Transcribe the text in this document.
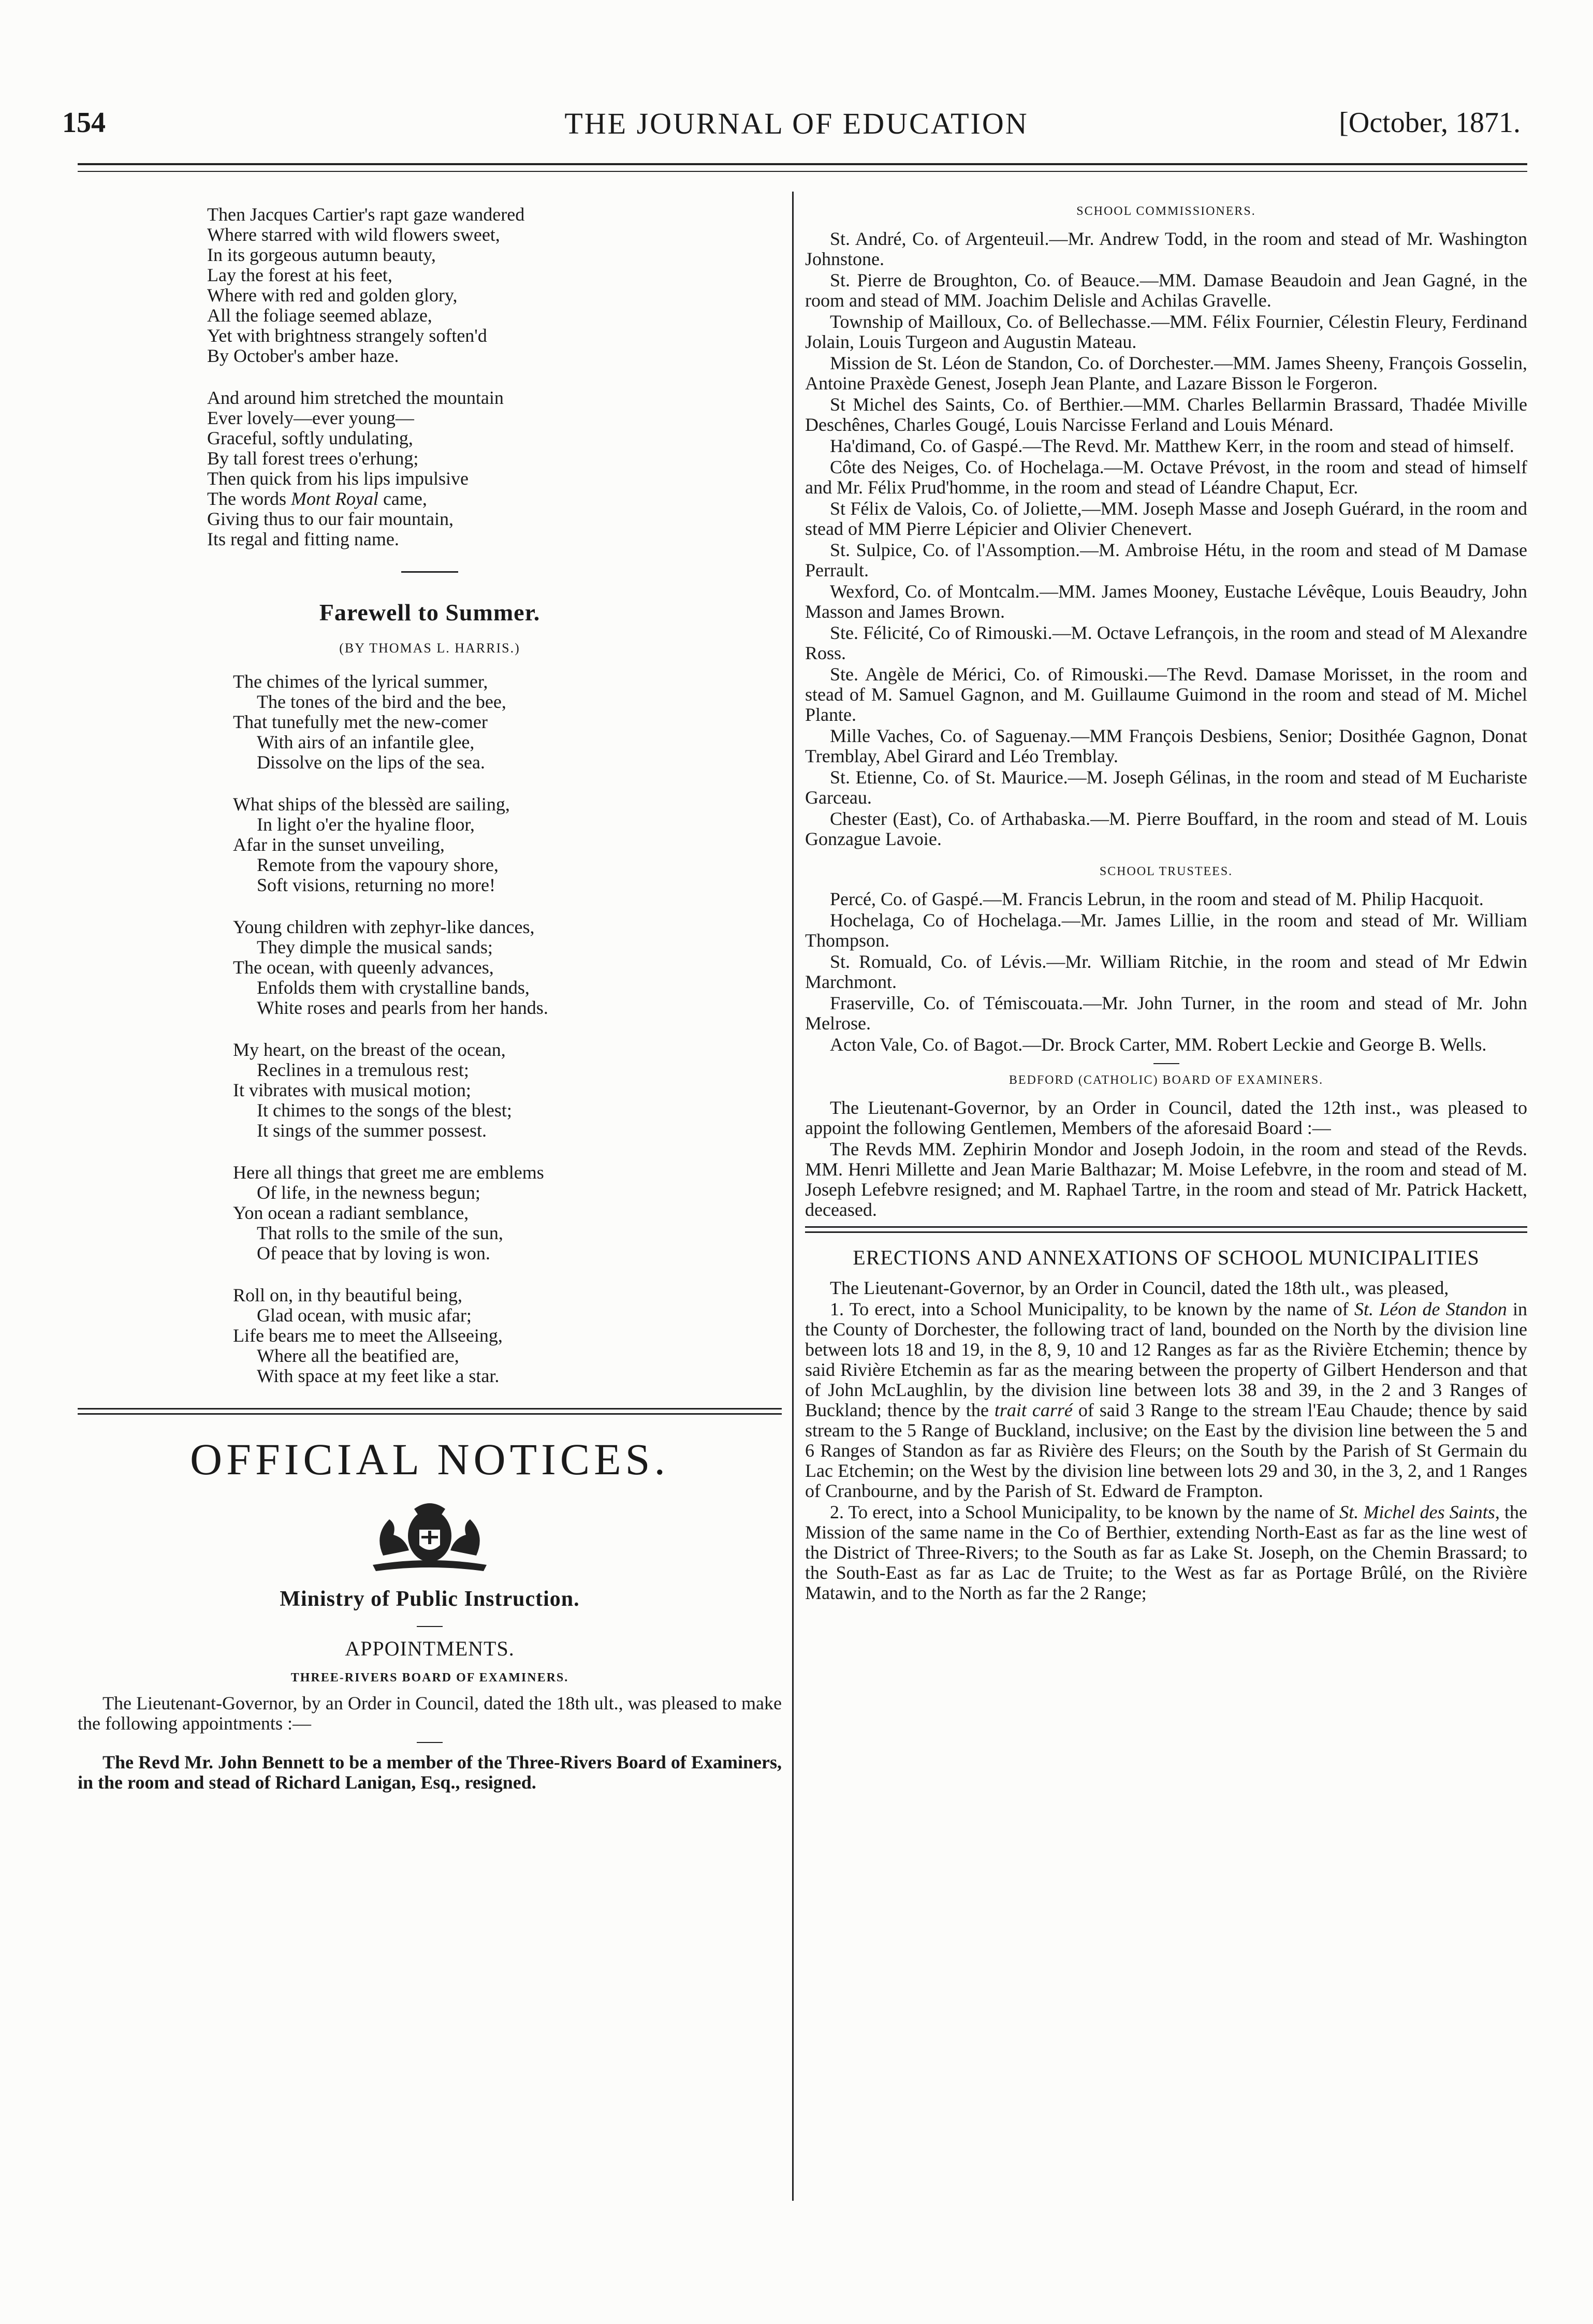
154	THE JOURNAL OF EDUCATION	[October, 1871.
Then Jacques Cartier's rapt gaze wandered
Where starred with wild flowers sweet,
In its gorgeous autumn beauty,
Lay the forest at his feet,
Where with red and golden glory,
All the foliage seemed ablaze,
Yet with brightness strangely soften'd
By October's amber haze.
And around him stretched the mountain
Ever lovely—ever young—
Graceful, softly undulating,
By tall forest trees o'erhung;
Then quick from his lips impulsive
The words Mont Royal came,
Giving thus to our fair mountain,
Its regal and fitting name.
Farewell to Summer.
(BY THOMAS L. HARRIS.)
The chimes of the lyrical summer,
The tones of the bird and the bee,
That tunefully met the new-comer
With airs of an infantile glee,
Dissolve on the lips of the sea.
What ships of the blessèd are sailing,
In light o'er the hyaline floor,
Afar in the sunset unveiling,
Remote from the vapoury shore,
Soft visions, returning no more!
Young children with zephyr-like dances,
They dimple the musical sands;
The ocean, with queenly advances,
Enfolds them with crystalline bands,
White roses and pearls from her hands.
My heart, on the breast of the ocean,
Reclines in a tremulous rest;
It vibrates with musical motion;
It chimes to the songs of the blest;
It sings of the summer possest.
Here all things that greet me are emblems
Of life, in the newness begun;
Yon ocean a radiant semblance,
That rolls to the smile of the sun,
Of peace that by loving is won.
Roll on, in thy beautiful being,
Glad ocean, with music afar;
Life bears me to meet the Allseeing,
Where all the beatified are,
With space at my feet like a star.
OFFICIAL NOTICES.
Ministry of Public Instruction.
APPOINTMENTS.
THREE-RIVERS BOARD OF EXAMINERS.

The Lieutenant-Governor, by an Order in Council, dated the 18th ult., was pleased to make the following appointments :—

The Revd Mr. John Bennett to be a member of the Three-Rivers Board of Examiners, in the room and stead of Richard Lanigan, Esq., resigned.

SCHOOL COMMISSIONERS.

St. André, Co. of Argenteuil.—Mr. Andrew Todd, in the room and stead of Mr. Washington Johnstone.

St. Pierre de Broughton, Co. of Beauce.—MM. Damase Beaudoin and Jean Gagné, in the room and stead of MM. Joachim Delisle and Achilas Gravelle.

Township of Mailloux, Co. of Bellechasse.—MM. Félix Fournier, Célestin Fleury, Ferdinand Jolain, Louis Turgeon and Augustin Mateau.

Mission de St. Léon de Standon, Co. of Dorchester.—MM. James Sheeny, François Gosselin, Antoine Praxède Genest, Joseph Jean Plante, and Lazare Bisson le Forgeron.

St Michel des Saints, Co. of Berthier.—MM. Charles Bellarmin Brassard, Thadée Miville Deschênes, Charles Gougé, Louis Narcisse Ferland and Louis Ménard.

Ha'dimand, Co. of Gaspé.—The Revd. Mr. Matthew Kerr, in the room and stead of himself.

Côte des Neiges, Co. of Hochelaga.—M. Octave Prévost, in the room and stead of himself and Mr. Félix Prud'homme, in the room and stead of Léandre Chaput, Ecr.

St Félix de Valois, Co. of Joliette,—MM. Joseph Masse and Joseph Guérard, in the room and stead of MM Pierre Lépicier and Olivier Chenevert.

St. Sulpice, Co. of l'Assomption.—M. Ambroise Hétu, in the room and stead of M Damase Perrault.

Wexford, Co. of Montcalm.—MM. James Mooney, Eustache Lévêque, Louis Beaudry, John Masson and James Brown.

Ste. Félicité, Co of Rimouski.—M. Octave Lefrançois, in the room and stead of M Alexandre Ross.

Ste. Angèle de Mérici, Co. of Rimouski.—The Revd. Damase Morisset, in the room and stead of M. Samuel Gagnon, and M. Guillaume Guimond in the room and stead of M. Michel Plante.

Mille Vaches, Co. of Saguenay.—MM François Desbiens, Senior; Dosithée Gagnon, Donat Tremblay, Abel Girard and Léo Tremblay.

St. Etienne, Co. of St. Maurice.—M. Joseph Gélinas, in the room and stead of M Eucharistе Garceau.

Chester (East), Co. of Arthabaska.—M. Pierre Bouffard, in the room and stead of M. Louis Gonzague Lavoie.

SCHOOL TRUSTEES.

Percé, Co. of Gaspé.—M. Francis Lebrun, in the room and stead of M. Philip Hacquoit.

Hochelaga, Co of Hochelaga.—Mr. James Lillie, in the room and stead of Mr. William Thompson.

St. Romuald, Co. of Lévis.—Mr. William Ritchie, in the room and stead of Mr Edwin Marchmont.

Fraserville, Co. of Témiscouata.—Mr. John Turner, in the room and stead of Mr. John Melrose.

Acton Vale, Co. of Bagot.—Dr. Brock Carter, MM. Robert Leckie and George B. Wells.

BEDFORD (CATHOLIC) BOARD OF EXAMINERS.

The Lieutenant-Governor, by an Order in Council, dated the 12th inst., was pleased to appoint the following Gentlemen, Members of the aforesaid Board :—

The Revds MM. Zephirin Mondor and Joseph Jodoin, in the room and stead of the Revds. MM. Henri Millette and Jean Marie Balthazar; M. Moise Lefebvre, in the room and stead of M. Joseph Lefebvre resigned; and M. Raphael Tartre, in the room and stead of Mr. Patrick Hackett, deceased.

ERECTIONS AND ANNEXATIONS OF SCHOOL MUNICIPALITIES

The Lieutenant-Governor, by an Order in Council, dated the 18th ult., was pleased,

1. To erect, into a School Municipality, to be known by the name of St. Léon de Standon in the County of Dorchester, the following tract of land, bounded on the North by the division line between lots 18 and 19, in the 8, 9, 10 and 12 Ranges as far as the Rivière Etchemin; thence by said Rivière Etchemin as far as the mearing between the property of Gilbert Henderson and that of John McLaughlin, by the division line between lots 38 and 39, in the 2 and 3 Ranges of Buckland; thence by the trait carré of said 3 Range to the stream l'Eau Chaude; thence by said stream to the 5 Range of Buckland, inclusive; on the East by the division line between the 5 and 6 Ranges of Standon as far as Rivière des Fleurs; on the South by the Parish of St Germain du Lac Etchemin; on the West by the division line between lots 29 and 30, in the 3, 2, and 1 Ranges of Cranbourne, and by the Parish of St. Edward de Frampton.

2. To erect, into a School Municipality, to be known by the name of St. Michel des Saints, the Mission of the same name in the Co of Berthier, extending North-East as far as the line west of the District of Three-Rivers; to the South as far as Lake St. Joseph, on the Chemin Brassard; to the South-East as far as Lac de Truite; to the West as far as Portage Brûlé, on the Rivière Matawin, and to the North as far the 2 Range;
